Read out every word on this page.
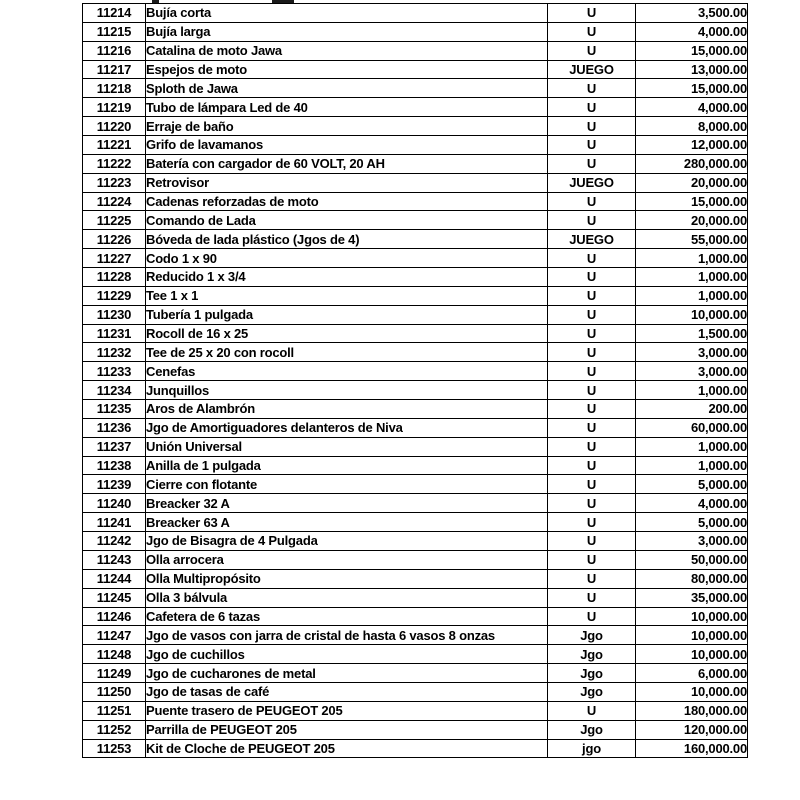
11214	Bujía corta	U	3,500.00
11215	Bujía larga	U	4,000.00
11216	Catalina de moto Jawa	U	15,000.00
11217	Espejos de moto	JUEGO	13,000.00
11218	Sploth de Jawa	U	15,000.00
11219	Tubo de lámpara Led de 40	U	4,000.00
11220	Erraje de baño	U	8,000.00
11221	Grifo de lavamanos	U	12,000.00
11222	Batería con cargador de 60 VOLT, 20 AH	U	280,000.00
11223	Retrovisor	JUEGO	20,000.00
11224	Cadenas reforzadas de moto	U	15,000.00
11225	Comando de Lada	U	20,000.00
11226	Bóveda de lada plástico (Jgos de 4)	JUEGO	55,000.00
11227	Codo 1 x 90	U	1,000.00
11228	Reducido 1 x 3/4	U	1,000.00
11229	Tee 1 x 1	U	1,000.00
11230	Tubería 1 pulgada	U	10,000.00
11231	Rocoll de 16 x 25	U	1,500.00
11232	Tee de 25 x 20 con rocoll	U	3,000.00
11233	Cenefas	U	3,000.00
11234	Junquillos	U	1,000.00
11235	Aros de Alambrón	U	200.00
11236	Jgo de Amortiguadores delanteros de Niva	U	60,000.00
11237	Unión Universal	U	1,000.00
11238	Anilla de 1 pulgada	U	1,000.00
11239	Cierre con flotante	U	5,000.00
11240	Breacker 32 A	U	4,000.00
11241	Breacker 63 A	U	5,000.00
11242	Jgo de Bisagra de 4 Pulgada	U	3,000.00
11243	Olla arrocera	U	50,000.00
11244	Olla Multipropósito	U	80,000.00
11245	Olla 3 bálvula	U	35,000.00
11246	Cafetera de 6 tazas	U	10,000.00
11247	Jgo de vasos con jarra de cristal de hasta 6 vasos 8 onzas	Jgo	10,000.00
11248	Jgo de cuchillos	Jgo	10,000.00
11249	Jgo de cucharones de metal	Jgo	6,000.00
11250	Jgo de tasas de café	Jgo	10,000.00
11251	Puente trasero de PEUGEOT 205	U	180,000.00
11252	Parrilla de PEUGEOT 205	Jgo	120,000.00
11253	Kit de Cloche de PEUGEOT 205	jgo	160,000.00
